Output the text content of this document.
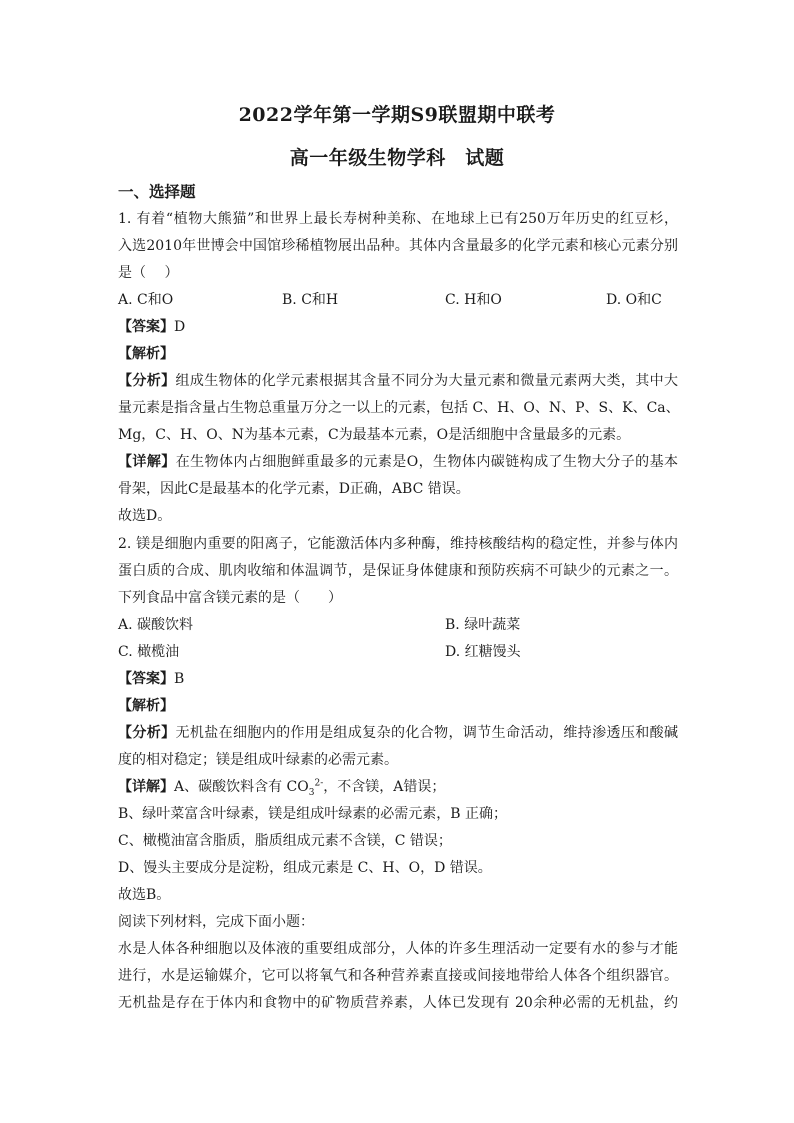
2022学年第一学期S9联盟期中联考
高一年级生物学科　试题
一、选择题
1. 有着“植物大熊猫”和世界上最长寿树种美称、在地球上已有250万年历史的红豆杉，
入选2010年世博会中国馆珍稀植物展出品种。其体内含量最多的化学元素和核心元素分别
是（　 ）
A. C和O	B. C和H	C. H和O	D. O和C
【答案】D
【解析】
【分析】组成生物体的化学元素根据其含量不同分为大量元素和微量元素两大类，其中大
量元素是指含量占生物总重量万分之一以上的元素，包括 C、H、O、N、P、S、K、Ca、
Mg，C、H、O、N为基本元素，C为最基本元素，O是活细胞中含量最多的元素。
【详解】在生物体内占细胞鲜重最多的元素是O，生物体内碳链构成了生物大分子的基本
骨架，因此C是最基本的化学元素，D正确，ABC 错误。
故选D。
2. 镁是细胞内重要的阳离子，它能激活体内多种酶，维持核酸结构的稳定性，并参与体内
蛋白质的合成、肌肉收缩和体温调节，是保证身体健康和预防疾病不可缺少的元素之一。
下列食品中富含镁元素的是（　　）
A. 碳酸饮料	B. 绿叶蔬菜
C. 橄榄油	D. 红糖馒头
【答案】B
【解析】
【分析】无机盐在细胞内的作用是组成复杂的化合物，调节生命活动，维持渗透压和酸碱
度的相对稳定；镁是组成叶绿素的必需元素。
【详解】A、碳酸饮料含有 $CO_3^{2-}$，不含镁，A错误；
B、绿叶菜富含叶绿素，镁是组成叶绿素的必需元素，B 正确；
C、橄榄油富含脂质，脂质组成元素不含镁，C 错误；
D、馒头主要成分是淀粉，组成元素是 C、H、O，D 错误。
故选B。
阅读下列材料，完成下面小题：
水是人体各种细胞以及体液的重要组成部分，人体的许多生理活动一定要有水的参与才能
进行，水是运输媒介，它可以将氧气和各种营养素直接或间接地带给人体各个组织器官。
无机盐是存在于体内和食物中的矿物质营养素，人体已发现有 20余种必需的无机盐，约
